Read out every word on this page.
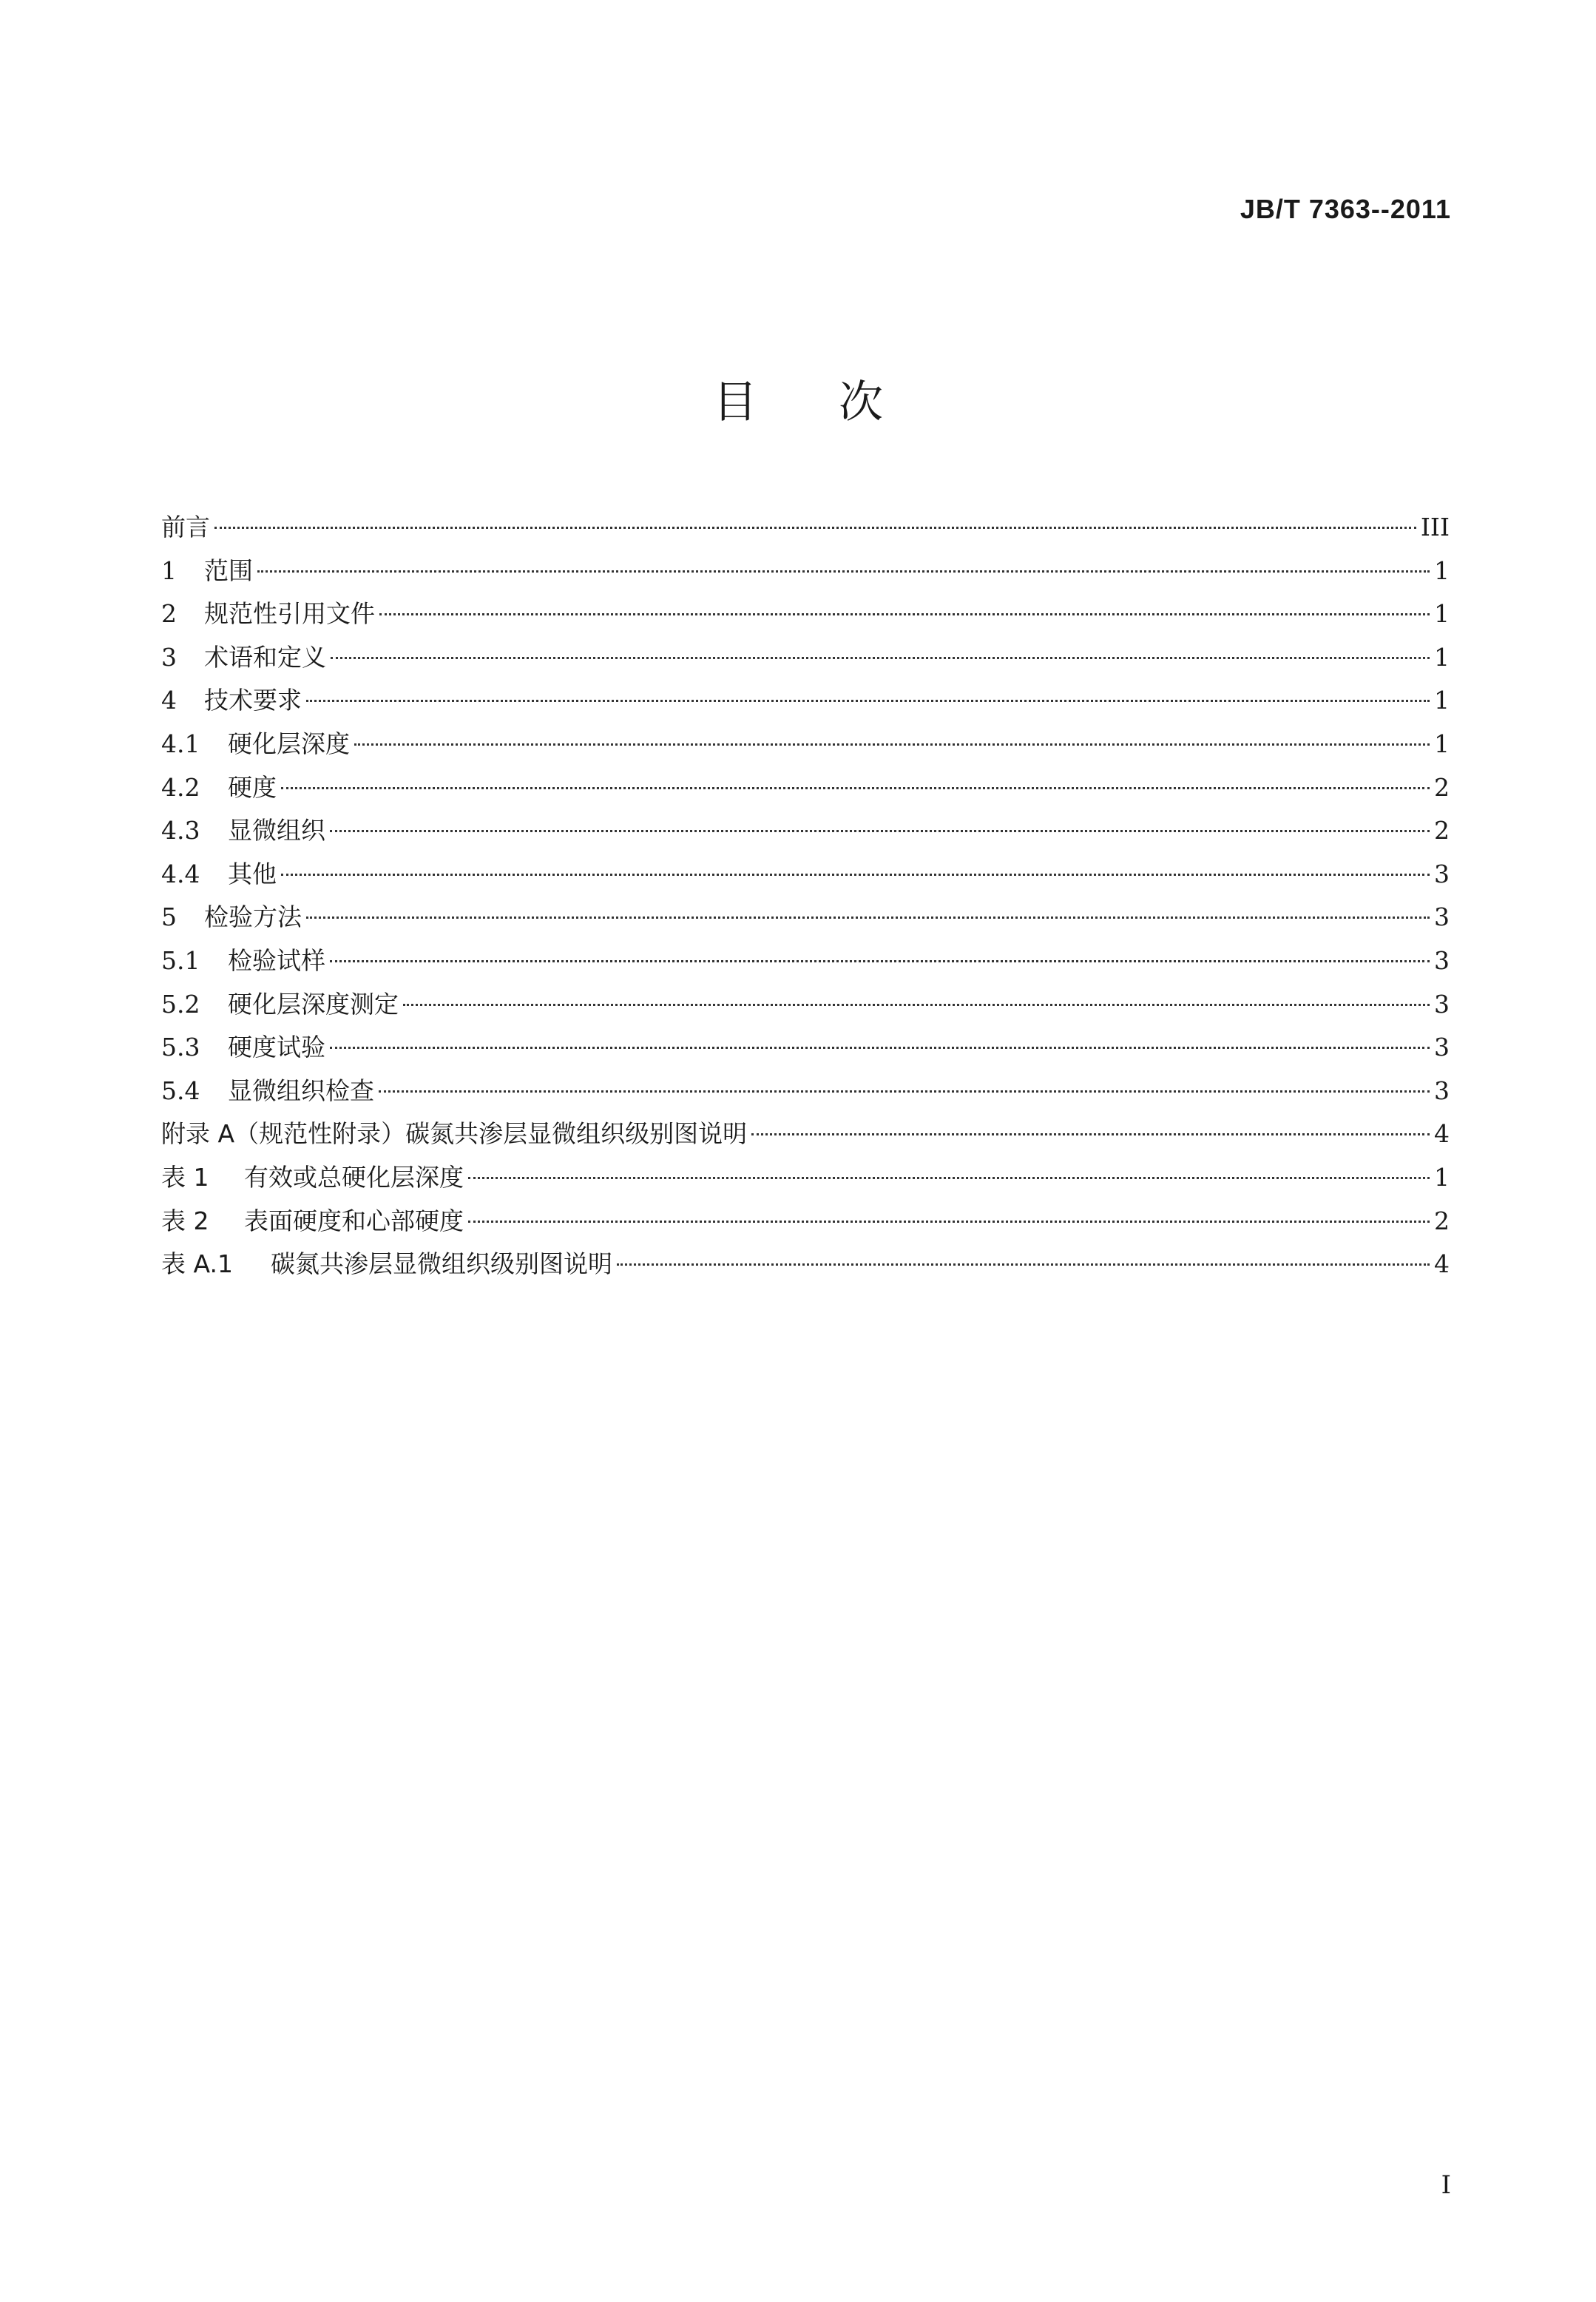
JB/T 7363--2011
目次
前言	III
1	范围	1
2	规范性引用文件	1
3	术语和定义	1
4	技术要求	1
4.1	硬化层深度	1
4.2	硬度	2
4.3	显微组织	2
4.4	其他	3
5	检验方法	3
5.1	检验试样	3
5.2	硬化层深度测定	3
5.3	硬度试验	3
5.4	显微组织检查	3
附录 A（规范性附录）碳氮共渗层显微组织级别图说明	4
表 1	有效或总硬化层深度	1
表 2	表面硬度和心部硬度	2
表 A.1	碳氮共渗层显微组织级别图说明	4
I
